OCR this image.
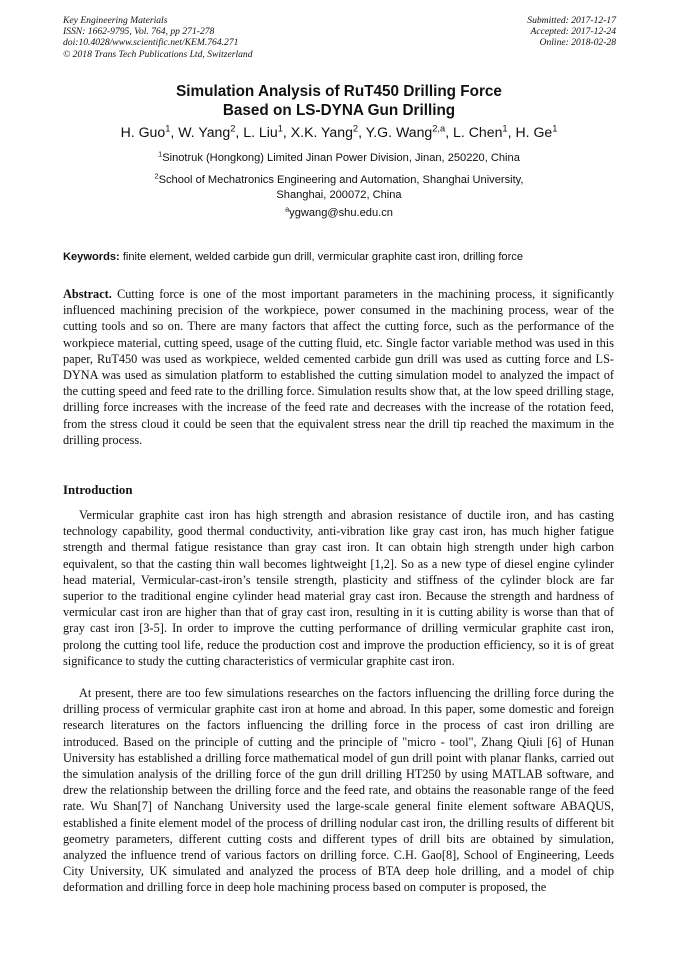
Key Engineering Materials
ISSN: 1662-9795, Vol. 764, pp 271-278
doi:10.4028/www.scientific.net/KEM.764.271
© 2018 Trans Tech Publications Ltd, Switzerland
Submitted: 2017-12-17
Accepted: 2017-12-24
Online: 2018-02-28
Simulation Analysis of RuT450 Drilling Force
Based on LS-DYNA Gun Drilling
H. Guo$^1$, W. Yang$^2$, L. Liu$^1$, X.K. Yang$^2$, Y.G. Wang$^{2,a}$, L. Chen$^1$, H. Ge$^1$
$^1$Sinotruk (Hongkong) Limited Jinan Power Division, Jinan, 250220, China
$^2$School of Mechatronics Engineering and Automation, Shanghai University,
Shanghai, 200072, China
$^a$ygwang@shu.edu.cn
Keywords: finite element, welded carbide gun drill, vermicular graphite cast iron, drilling force

Abstract. Cutting force is one of the most important parameters in the machining process, it significantly influenced machining precision of the workpiece, power consumed in the machining process, wear of the cutting tools and so on. There are many factors that affect the cutting force, such as the performance of the workpiece material, cutting speed, usage of the cutting fluid, etc. Single factor variable method was used in this paper, RuT450 was used as workpiece, welded cemented carbide gun drill was used as cutting force and LS-DYNA was used as simulation platform to established the cutting simulation model to analyzed the impact of the cutting speed and feed rate to the drilling force. Simulation results show that, at the low speed drilling stage, drilling force increases with the increase of the feed rate and decreases with the increase of the rotation feed, from the stress cloud it could be seen that the equivalent stress near the drill tip reached the maximum in the drilling process.

Introduction

Vermicular graphite cast iron has high strength and abrasion resistance of ductile iron, and has casting technology capability, good thermal conductivity, anti-vibration like gray cast iron, has much higher fatigue strength and thermal fatigue resistance than gray cast iron. It can obtain high strength under high carbon equivalent, so that the casting thin wall becomes lightweight [1,2]. So as a new type of diesel engine cylinder head material, Vermicular-cast-iron’s tensile strength, plasticity and stiffness of the cylinder block are far superior to the traditional engine cylinder head material gray cast iron. Because the strength and hardness of vermicular cast iron are higher than that of gray cast iron, resulting in it is cutting ability is worse than that of gray cast iron [3-5]. In order to improve the cutting performance of drilling vermicular graphite cast iron, prolong the cutting tool life, reduce the production cost and improve the production efficiency, so it is of great significance to study the cutting characteristics of vermicular graphite cast iron.

At present, there are too few simulations researches on the factors influencing the drilling force during the drilling process of vermicular graphite cast iron at home and abroad. In this paper, some domestic and foreign research literatures on the factors influencing the drilling force in the process of cast iron drilling are introduced. Based on the principle of cutting and the principle of "micro - tool", Zhang Qiuli [6] of Hunan University has established a drilling force mathematical model of gun drill point with planar flanks, carried out the simulation analysis of the drilling force of the gun drill drilling HT250 by using MATLAB software, and drew the relationship between the drilling force and the feed rate, and obtains the reasonable range of the feed rate. Wu Shan[7] of Nanchang University used the large-scale general finite element software ABAQUS, established a finite element model of the process of drilling nodular cast iron, the drilling results of different bit geometry parameters, different cutting costs and different types of drill bits are obtained by simulation, analyzed the influence trend of various factors on drilling force. C.H. Gao[8], School of Engineering, Leeds City University, UK simulated and analyzed the process of BTA deep hole drilling, and a model of chip deformation and drilling force in deep hole machining process based on computer is proposed, the
